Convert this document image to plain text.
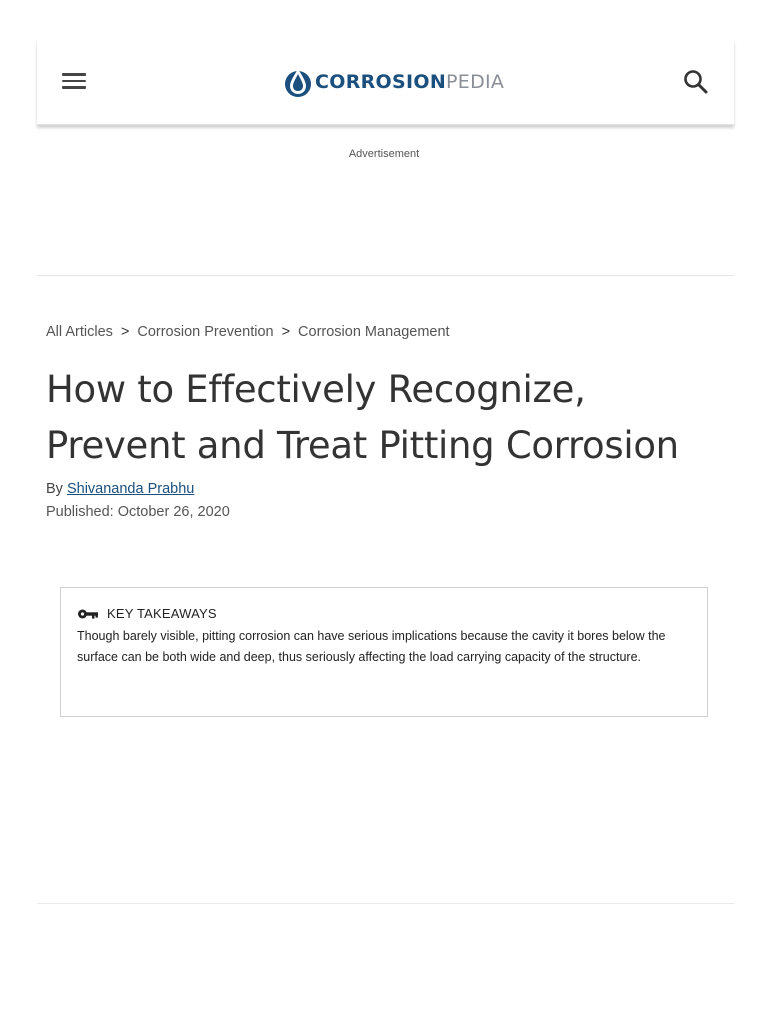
CORROSIONPEDIA
Advertisement
All Articles > Corrosion Prevention > Corrosion Management
How to Effectively Recognize, Prevent and Treat Pitting Corrosion
By Shivananda Prabhu
Published: October 26, 2020
KEY TAKEAWAYS

Though barely visible, pitting corrosion can have serious implications because the cavity it bores below the surface can be both wide and deep, thus seriously affecting the load carrying capacity of the structure.
